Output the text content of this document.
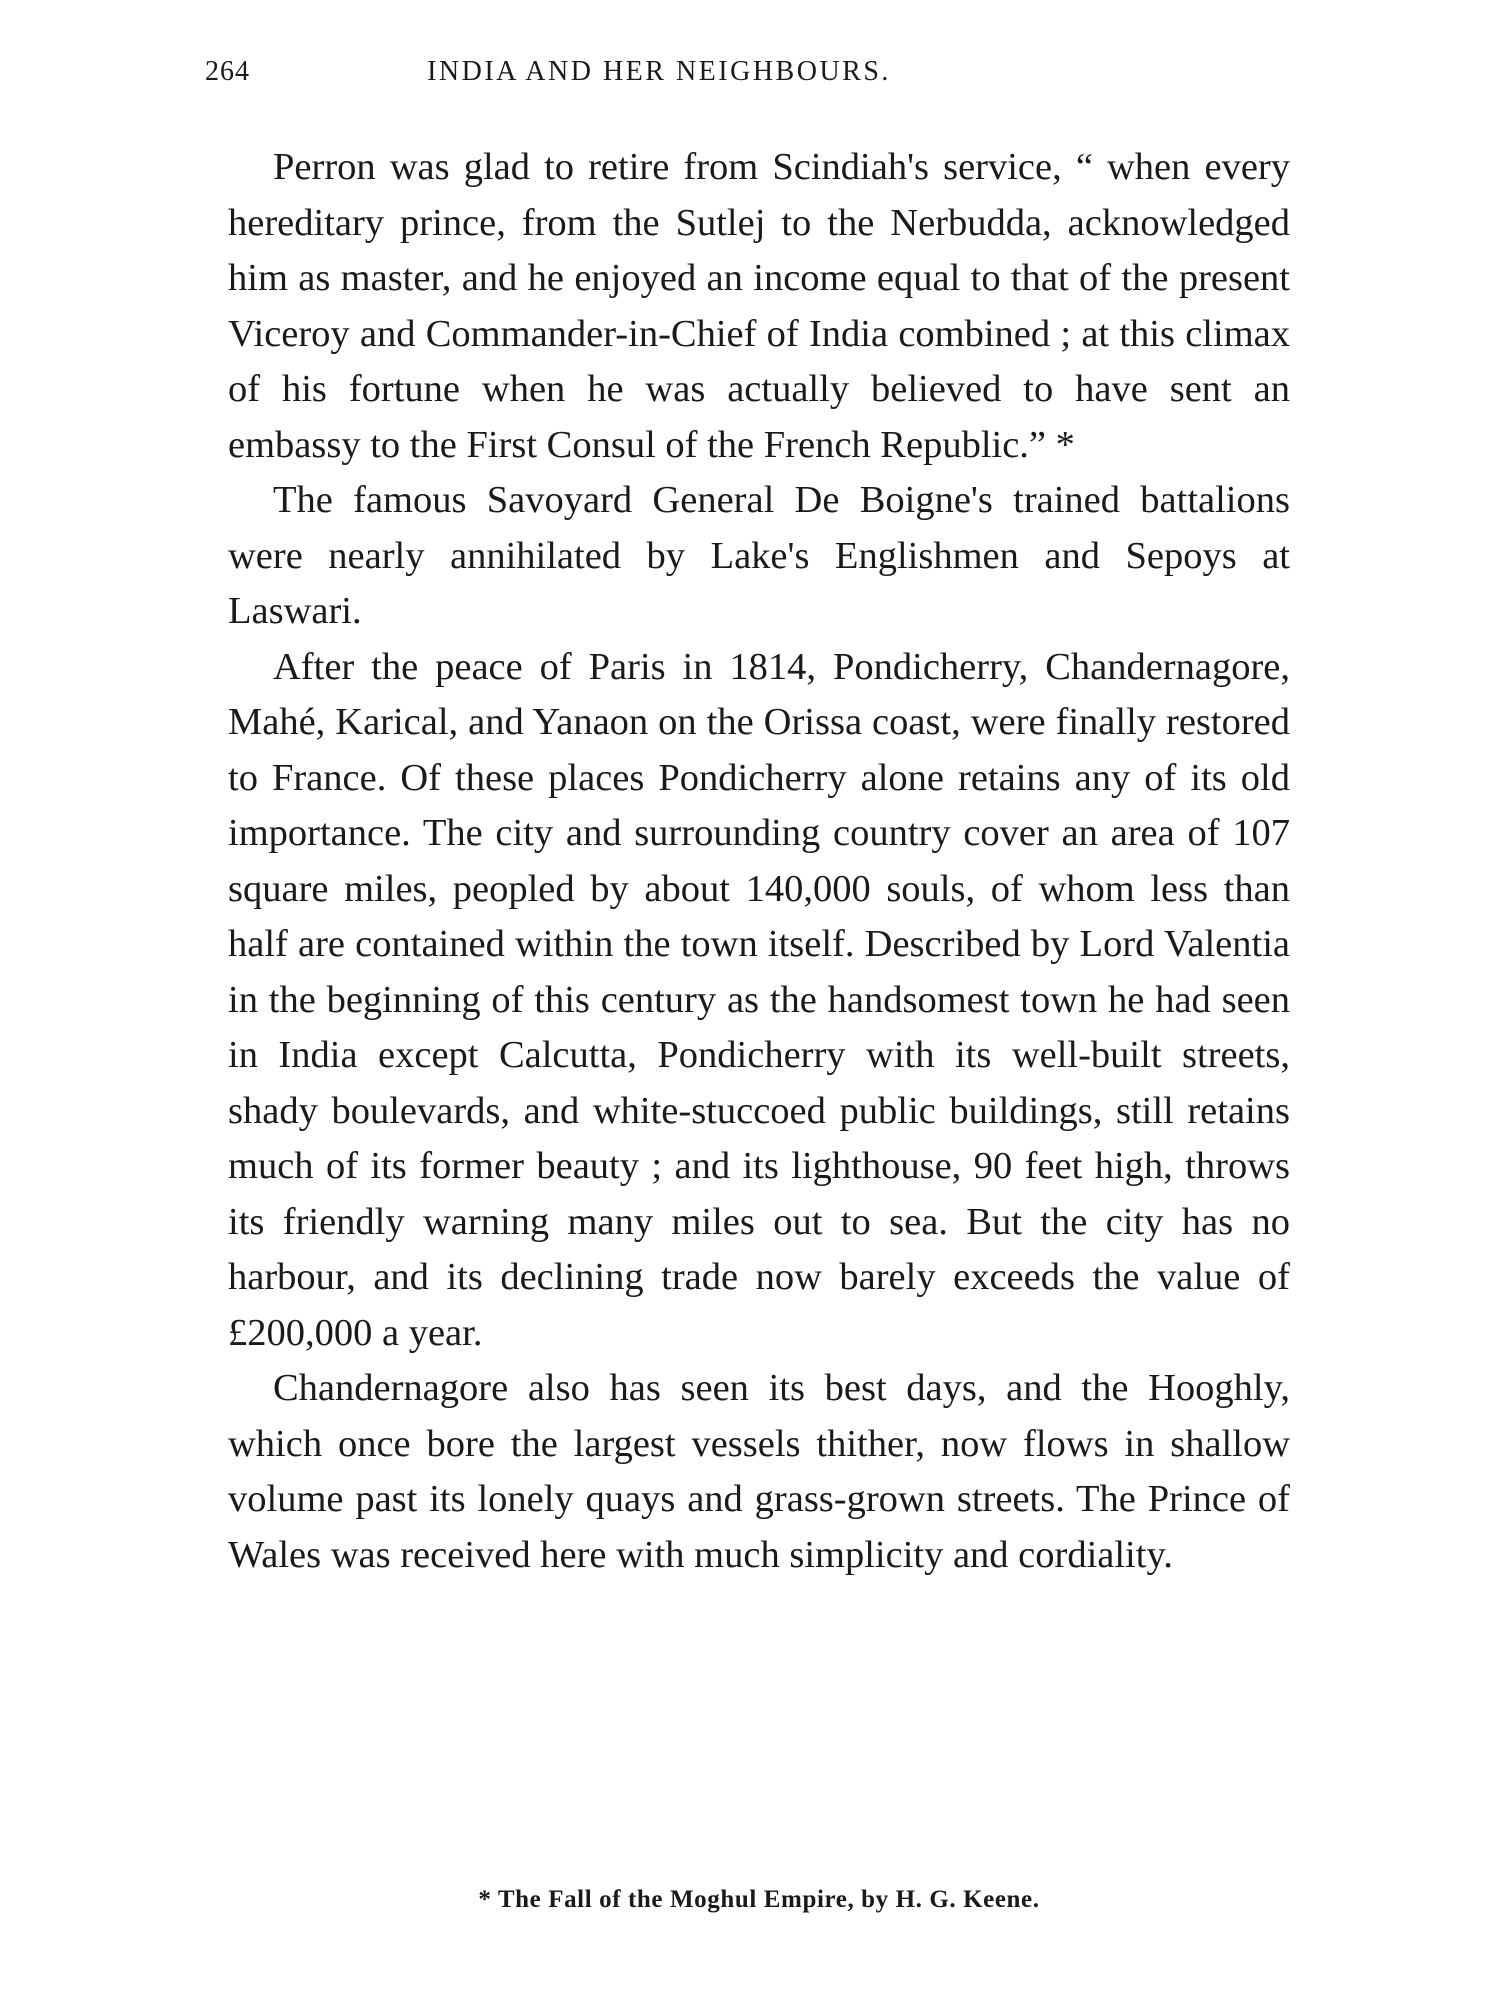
264	INDIA AND HER NEIGHBOURS.

Perron was glad to retire from Scindiah's service, “ when every hereditary prince, from the Sutlej to the Nerbudda, acknowledged him as master, and he enjoyed an income equal to that of the present Viceroy and Commander-in-Chief of India combined ; at this climax of his fortune when he was actually believed to have sent an embassy to the First Consul of the French Republic.” *

The famous Savoyard General De Boigne's trained battalions were nearly annihilated by Lake's Englishmen and Sepoys at Laswari.

After the peace of Paris in 1814, Pondicherry, Chandernagore, Mahé, Karical, and Yanaon on the Orissa coast, were finally restored to France. Of these places Pondicherry alone retains any of its old importance. The city and surrounding country cover an area of 107 square miles, peopled by about 140,000 souls, of whom less than half are contained within the town itself. Described by Lord Valentia in the beginning of this century as the handsomest town he had seen in India except Calcutta, Pondicherry with its well-built streets, shady boulevards, and white-stuccoed public buildings, still retains much of its former beauty ; and its lighthouse, 90 feet high, throws its friendly warning many miles out to sea. But the city has no harbour, and its declining trade now barely exceeds the value of £200,000 a year.

Chandernagore also has seen its best days, and the Hooghly, which once bore the largest vessels thither, now flows in shallow volume past its lonely quays and grass-grown streets. The Prince of Wales was received here with much simplicity and cordiality.

* The Fall of the Moghul Empire, by H. G. Keene.
